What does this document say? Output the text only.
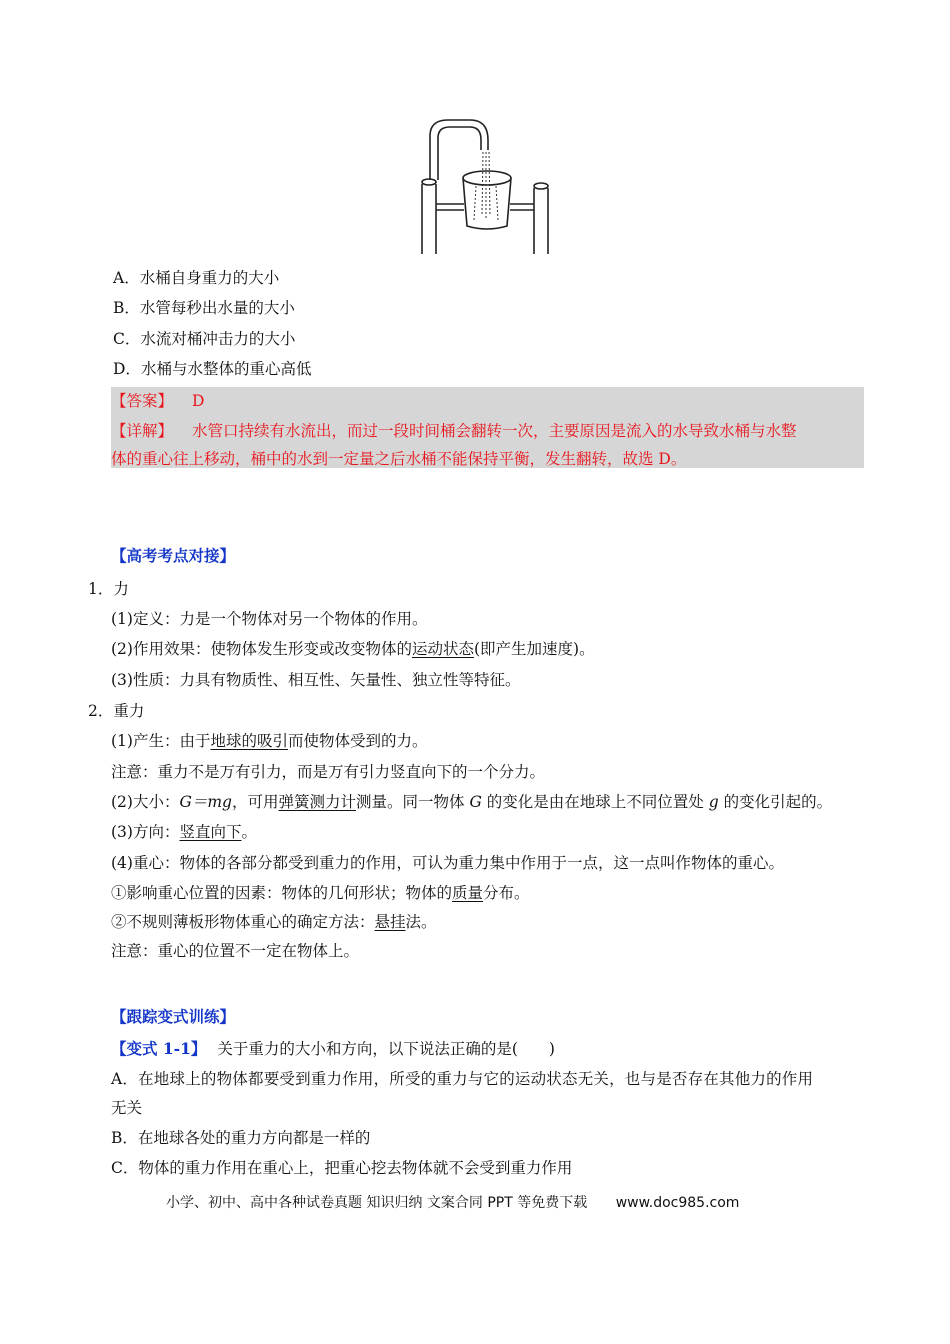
A．水桶自身重力的大小
B．水管每秒出水量的大小
C．水流对桶冲击力的大小
D．水桶与水整体的重心高低
【答案】 D
【详解】 水管口持续有水流出，而过一段时间桶会翻转一次，主要原因是流入的水导致水桶与水整
体的重心往上移动，桶中的水到一定量之后水桶不能保持平衡，发生翻转，故选 D。
【高考考点对接】
1．力
(1)定义：力是一个物体对另一个物体的作用。
(2)作用效果：使物体发生形变或改变物体的运动状态(即产生加速度)。
(3)性质：力具有物质性、相互性、矢量性、独立性等特征。
2．重力
(1)产生：由于地球的吸引而使物体受到的力。
注意：重力不是万有引力，而是万有引力竖直向下的一个分力。
(2)大小：G＝mg，可用弹簧测力计测量。同一物体 G 的变化是由在地球上不同位置处 g 的变化引起的。
(3)方向：竖直向下。
(4)重心：物体的各部分都受到重力的作用，可认为重力集中作用于一点，这一点叫作物体的重心。
①影响重心位置的因素：物体的几何形状；物体的质量分布。
②不规则薄板形物体重心的确定方法：悬挂法。
注意：重心的位置不一定在物体上。
【跟踪变式训练】
【变式 1-1】 关于重力的大小和方向，以下说法正确的是(　　)
A．在地球上的物体都要受到重力作用，所受的重力与它的运动状态无关，也与是否存在其他力的作用
无关
B．在地球各处的重力方向都是一样的
C．物体的重力作用在重心上，把重心挖去物体就不会受到重力作用
小学、初中、高中各种试卷真题 知识归纳 文案合同 PPT 等免费下载 www.doc985.com
